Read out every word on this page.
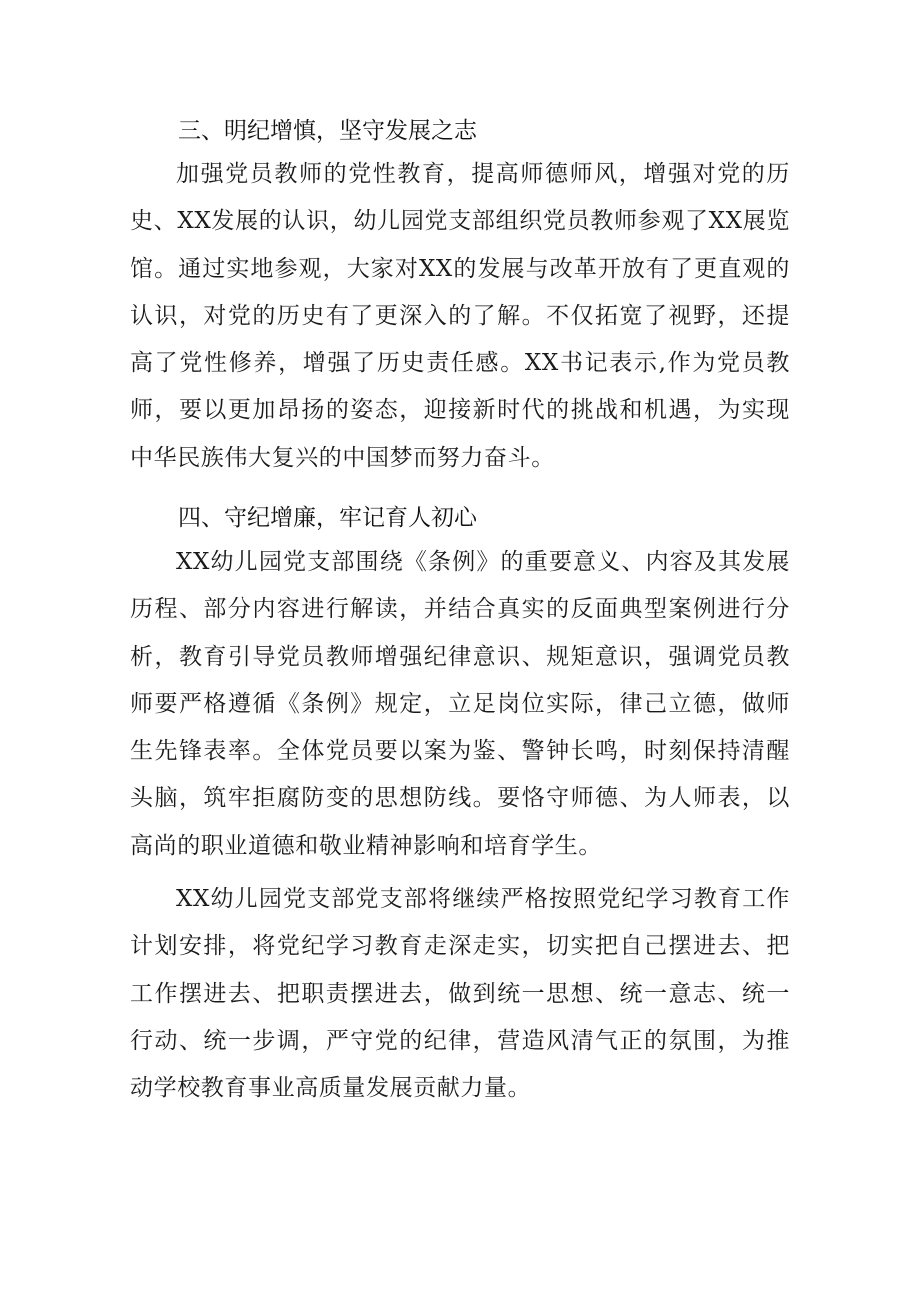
三、明纪增慎，坚守发展之志

加强党员教师的党性教育，提高师德师风，增强对党的历史、XX发展的认识，幼儿园党支部组织党员教师参观了XX展览馆。通过实地参观，大家对XX的发展与改革开放有了更直观的认识，对党的历史有了更深入的了解。不仅拓宽了视野，还提高了党性修养，增强了历史责任感。XX书记表示,作为党员教师，要以更加昂扬的姿态，迎接新时代的挑战和机遇，为实现中华民族伟大复兴的中国梦而努力奋斗。

四、守纪增廉，牢记育人初心

XX幼儿园党支部围绕《条例》的重要意义、内容及其发展历程、部分内容进行解读，并结合真实的反面典型案例进行分析，教育引导党员教师增强纪律意识、规矩意识，强调党员教师要严格遵循《条例》规定，立足岗位实际，律己立德，做师生先锋表率。全体党员要以案为鉴、警钟长鸣，时刻保持清醒头脑，筑牢拒腐防变的思想防线。要恪守师德、为人师表，以高尚的职业道德和敬业精神影响和培育学生。

XX幼儿园党支部党支部将继续严格按照党纪学习教育工作计划安排，将党纪学习教育走深走实，切实把自己摆进去、把工作摆进去、把职责摆进去，做到统一思想、统一意志、统一行动、统一步调，严守党的纪律，营造风清气正的氛围，为推动学校教育事业高质量发展贡献力量。
